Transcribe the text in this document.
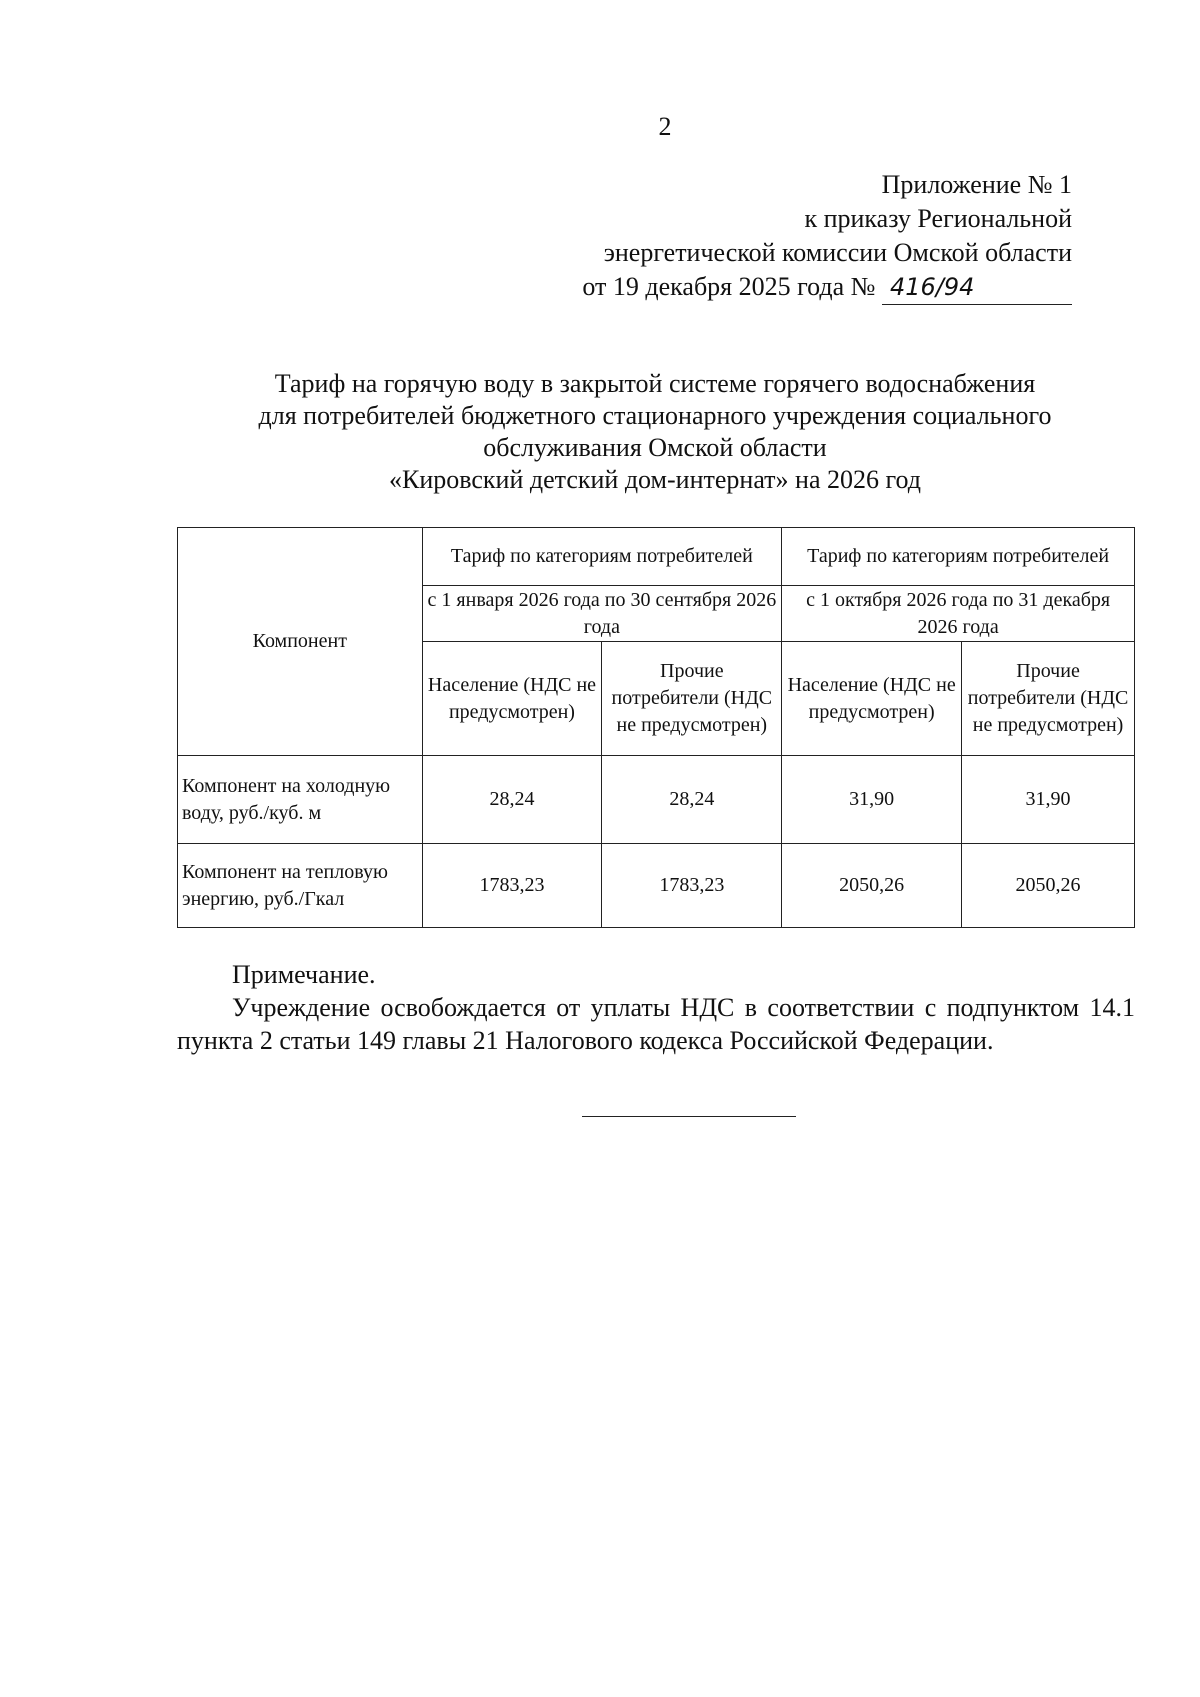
2
Приложение № 1
к приказу Региональной
энергетической комиссии Омской области
от 19 декабря 2025 года № 416/94
Тариф на горячую воду в закрытой системе горячего водоснабжения
для потребителей бюджетного стационарного учреждения социального
обслуживания Омской области
«Кировский детский дом-интернат» на 2026 год
Компонент	Тариф по категориям потребителей		Тариф по категориям потребителей	
	с 1 января 2026 года по 30 сентября 2026 года		с 1 октября 2026 года по 31 декабря 2026 года	
	Население (НДС не предусмотрен)	Прочие потребители (НДС не предусмотрен)	Население (НДС не предусмотрен)	Прочие потребители (НДС не предусмотрен)
Компонент на холодную воду, руб./куб. м	28,24	28,24	31,90	31,90
Компонент на тепловую энергию, руб./Гкал	1783,23	1783,23	2050,26	2050,26
Примечание.
Учреждение освобождается от уплаты НДС в соответствии с подпунктом 14.1 пункта 2 статьи 149 главы 21 Налогового кодекса Российской Федерации.
